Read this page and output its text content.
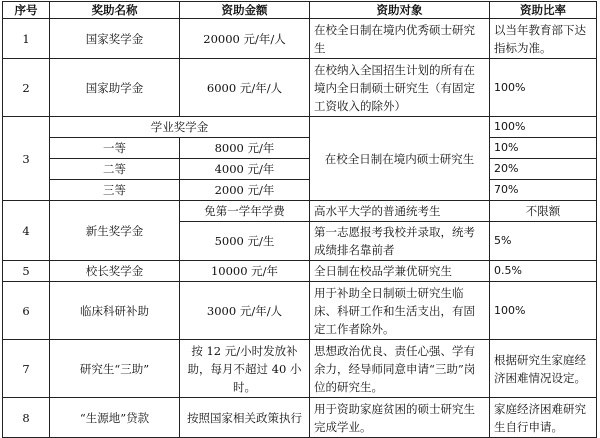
序号	奖助名称	资助金额	资助对象	资助比率
1	国家奖学金	20000 元/年/人	在校全日制在境内优秀硕士研究生	以当年教育部下达指标为准。
2	国家助学金	6000 元/年/人	在校纳入全国招生计划的所有在境内全日制硕士研究生（有固定工资收入的除外）	100%
3	学业奖学金		在校全日制在境内硕士研究生	100%
	一等	8000 元/年		10%
	二等	4000 元/年		20%
	三等	2000 元/年		70%
4	新生奖学金	免第一学年学费	高水平大学的普通统考生	不限额
		5000 元/生	第一志愿报考我校并录取，统考成绩排名靠前者	5%
5	校长奖学金	10000 元/年	全日制在校品学兼优研究生	0.5%
6	临床科研补助	3000 元/年/人	用于补助全日制硕士研究生临床、科研工作和生活支出，有固定工作者除外。	100%
7	研究生“三助”	按 12 元/小时发放补助，每月不超过 40 小时。	思想政治优良、责任心强、学有余力，经导师同意申请“三助”岗位的研究生。	根据研究生家庭经济困难情况设定。
8	“生源地”贷款	按照国家相关政策执行	用于资助家庭贫困的硕士研究生完成学业。	家庭经济困难研究生自行申请。
